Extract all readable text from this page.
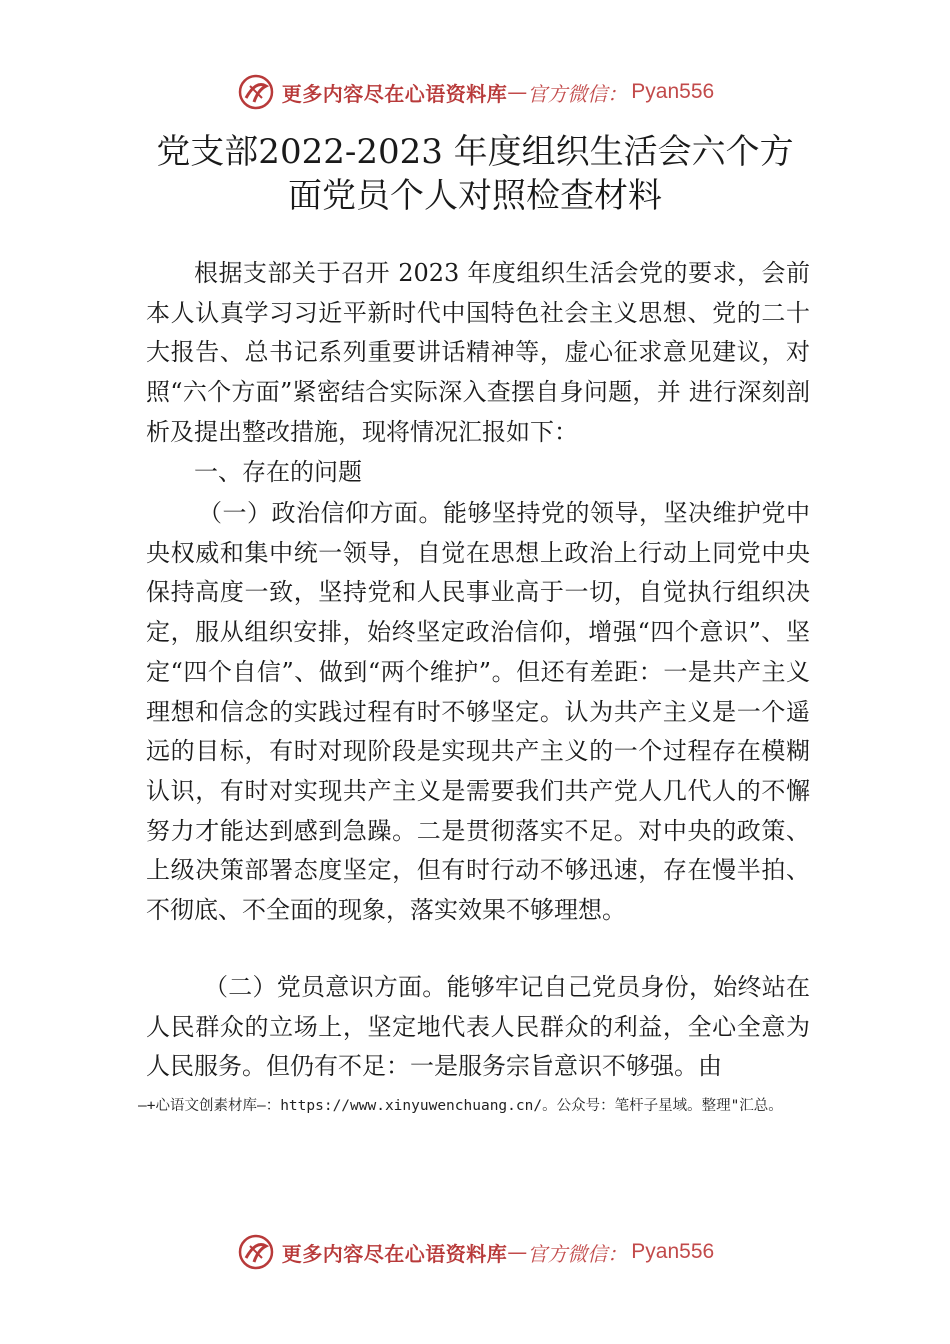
更多内容尽在心语资料库 — 官方微信： Pyan556
党支部2022-2023 年度组织生活会六个方
面党员个人对照检查材料

根据支部关于召开 2023 年度组织生活会党的要求，会前本人认真学习习近平新时代中国特色社会主义思想、党的二十大报告、总书记系列重要讲话精神等，虚心征求意见建议，对照“六个方面”紧密结合实际深入查摆自身问题，并 进行深刻剖析及提出整改措施，现将情况汇报如下：

一、存在的问题

（一）政治信仰方面。能够坚持党的领导，坚决维护党中央权威和集中统一领导，自觉在思想上政治上行动上同党中央保持高度一致，坚持党和人民事业高于一切，自觉执行组织决定，服从组织安排，始终坚定政治信仰，增强“四个意识”、坚定“四个自信”、做到“两个维护”。但还有差距：一是共产主义理想和信念的实践过程有时不够坚定。认为共产主义是一个遥远的目标，有时对现阶段是实现共产主义的一个过程存在模糊认识，有时对实现共产主义是需要我们共产党人几代人的不懈努力才能达到感到急躁。二是贯彻落实不足。对中央的政策、上级决策部署态度坚定，但有时行动不够迅速，存在慢半拍、不彻底、不全面的现象，落实效果不够理想。

（二）党员意识方面。能够牢记自己党员身份，始终站在人民群众的立场上，坚定地代表人民群众的利益，全心全意为人民服务。但仍有不足：一是服务宗旨意识不够强。由

—+心语文创素材库—：https://www.xinyuwenchuang.cn/。公众号：笔杆子星域。整理"汇总。

更多内容尽在心语资料库 — 官方微信： Pyan556
